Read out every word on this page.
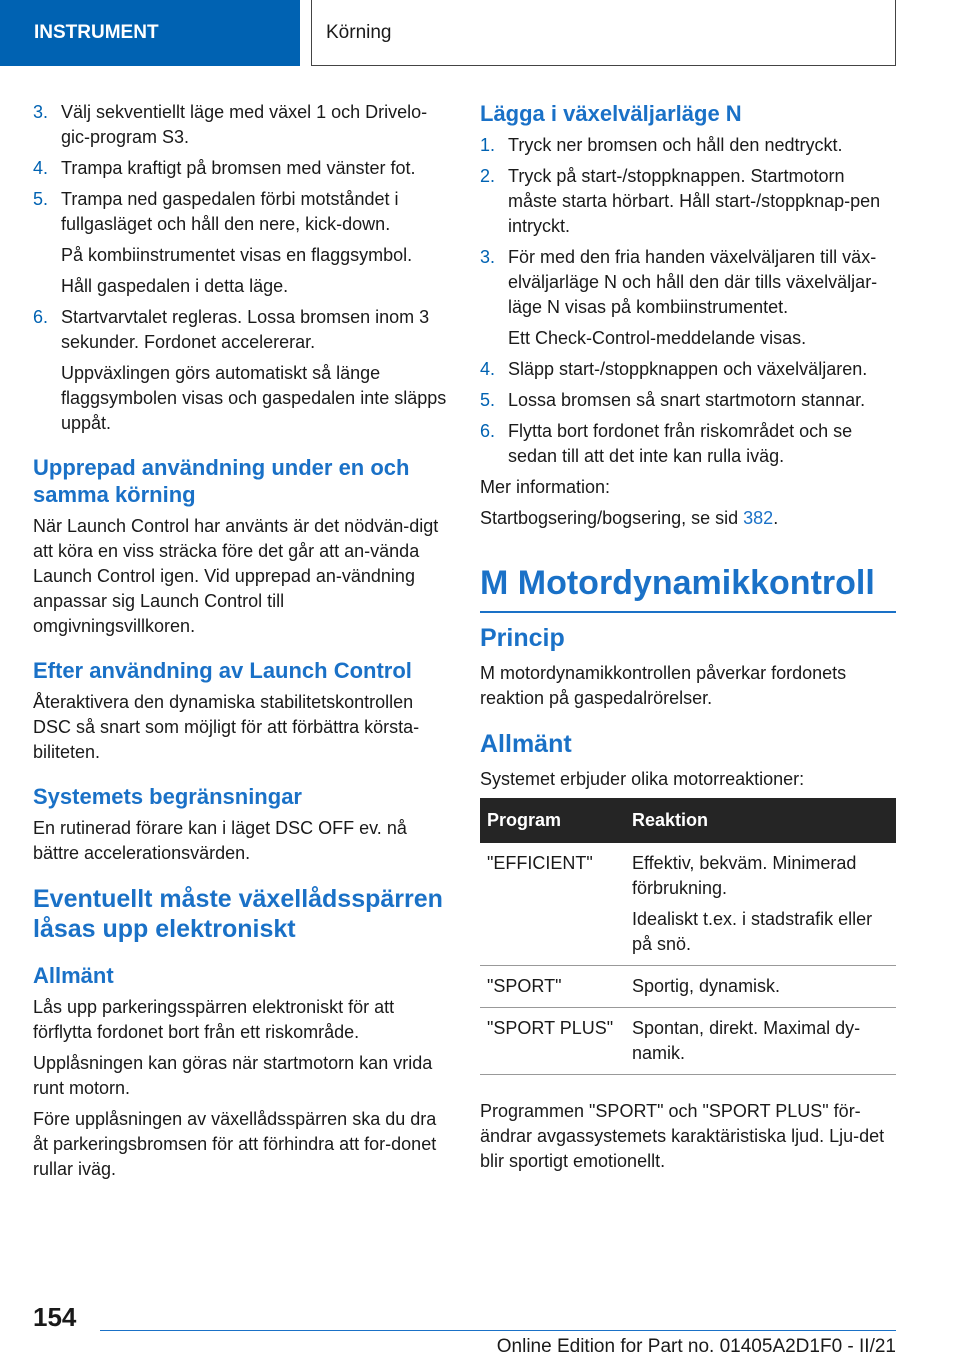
INSTRUMENT	Körning
3. Välj sekventiellt läge med växel 1 och Drivelo-gic-program S3.
4. Trampa kraftigt på bromsen med vänster fot.
5. Trampa ned gaspedalen förbi motståndet i fullgasläget och håll den nere, kick-down.
På kombiinstrumentet visas en flaggsymbol.
Håll gaspedalen i detta läge.
6. Startvarvtalet regleras. Lossa bromsen inom 3 sekunder. Fordonet accelererar.
Uppväxlingen görs automatiskt så länge flaggsymbolen visas och gaspedalen inte släpps uppåt.
Upprepad användning under en och samma körning
När Launch Control har använts är det nödvän-digt att köra en viss sträcka före det går att an-vända Launch Control igen. Vid upprepad an-vändning anpassar sig Launch Control till omgivningsvillkoren.
Efter användning av Launch Control
Återaktivera den dynamiska stabilitetskontrollen DSC så snart som möjligt för att förbättra körsta-biliteten.
Systemets begränsningar
En rutinerad förare kan i läget DSC OFF ev. nå bättre accelerationsvärden.
Eventuellt måste växellådsspärren låsas upp elektroniskt
Allmänt
Lås upp parkeringsspärren elektroniskt för att förflytta fordonet bort från ett riskområde.
Upplåsningen kan göras när startmotorn kan vrida runt motorn.
Före upplåsningen av växellådsspärren ska du dra åt parkeringsbromsen för att förhindra att for-donet rullar iväg.
Lägga i växelväljarläge N
1. Tryck ner bromsen och håll den nedtryckt.
2. Tryck på start-/stoppknappen. Startmotorn måste starta hörbart. Håll start-/stoppknap-pen intryckt.
3. För med den fria handen växelväljaren till väx-elväljarläge N och håll den där tills växelväljar-läge N visas på kombiinstrumentet.
Ett Check-Control-meddelande visas.
4. Släpp start-/stoppknappen och växelväljaren.
5. Lossa bromsen så snart startmotorn stannar.
6. Flytta bort fordonet från riskområdet och se sedan till att det inte kan rulla iväg.
Mer information:
Startbogsering/bogsering, se sid 382.
M Motordynamikkontroll
Princip
M motordynamikkontrollen påverkar fordonets reaktion på gaspedalrörelser.
Allmänt
Systemet erbjuder olika motorreaktioner:
Program	Reaktion
"EFFICIENT"	Effektiv, bekväm. Minimerad förbrukning.

Idealiskt t.ex. i stadstrafik eller på snö.

"SPORT"	Sportig, dynamisk.

"SPORT PLUS"	Spontan, direkt. Maximal dy-namik.

Programmen "SPORT" och "SPORT PLUS" för-ändrar avgassystemets karaktäristiska ljud. Lju-det blir sportigt emotionellt.
154
Online Edition for Part no. 01405A2D1F0 - II/21
